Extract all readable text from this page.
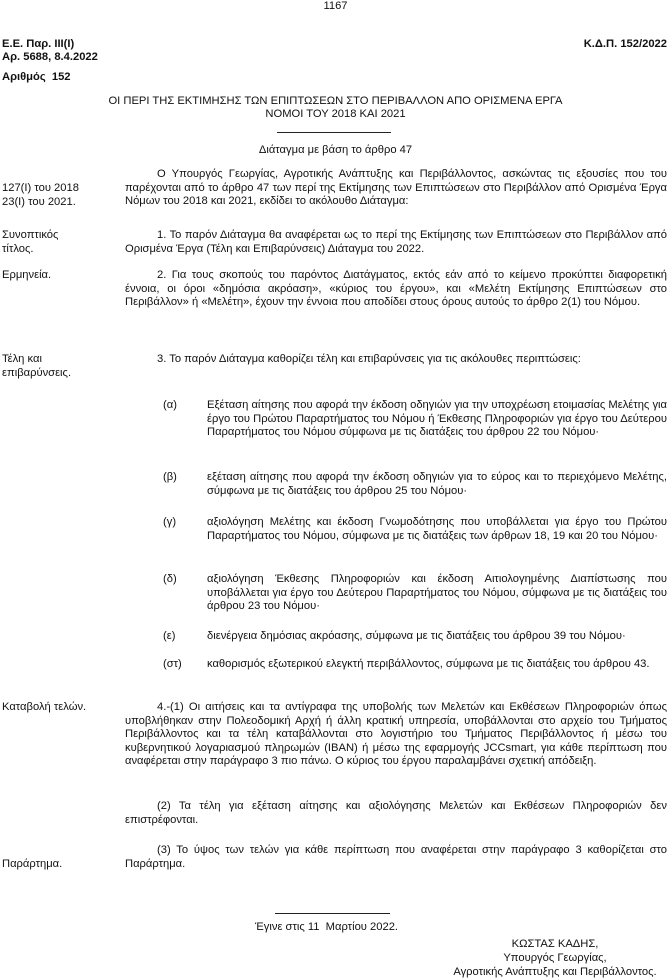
1167
Ε.Ε. Παρ. ΙΙΙ(Ι)
Αρ. 5688, 8.4.2022
Κ.Δ.Π. 152/2022
Αριθμός  152
ΟΙ ΠΕΡΙ ΤΗΣ ΕΚΤΙΜΗΣΗΣ ΤΩΝ ΕΠΙΠΤΩΣΕΩΝ ΣΤΟ ΠΕΡΙΒΑΛΛΟΝ ΑΠΟ ΟΡΙΣΜΕΝΑ ΕΡΓΑ
ΝΟΜΟΙ ΤΟΥ 2018 ΚΑΙ 2021
Διάταγμα με βάση το άρθρο 47
Ο Υπουργός Γεωργίας, Αγροτικής Ανάπτυξης και Περιβάλλοντος, ασκώντας τις εξουσίες που του παρέχονται από το άρθρο 47 των περί της Εκτίμησης των Επιπτώσεων στο Περιβάλλον από Ορισμένα Έργα Νόμων του 2018 και 2021, εκδίδει το ακόλουθο Διάταγμα:
127(Ι) του 2018
23(Ι) του 2021.
Συνοπτικός
τίτλος.
1. Το παρόν Διάταγμα θα αναφέρεται ως το περί της Εκτίμησης των Επιπτώσεων στο Περιβάλλον από Ορισμένα Έργα (Τέλη και Επιβαρύνσεις) Διάταγμα του 2022.
Ερμηνεία.	2. Για τους σκοπούς του παρόντος Διατάγματος, εκτός εάν από το κείμενο προκύπτει διαφορετική έννοια, οι όροι «δημόσια ακρόαση», «κύριος του έργου», και «Μελέτη Εκτίμησης Επιπτώσεων στο Περιβάλλον» ή «Μελέτη», έχουν την έννοια που αποδίδει στους όρους αυτούς το άρθρο 2(1) του Νόμου.
Τέλη και
επιβαρύνσεις.
3. Το παρόν Διάταγμα καθορίζει τέλη και επιβαρύνσεις για τις ακόλουθες περιπτώσεις:
(α)	Εξέταση αίτησης που αφορά την έκδοση οδηγιών για την υποχρέωση ετοιμασίας Μελέτης για έργο του Πρώτου Παραρτήματος του Νόμου ή Έκθεσης Πληροφοριών για έργο του Δεύτερου Παραρτήματος του Νόμου σύμφωνα με τις διατάξεις του άρθρου 22 του Νόμου·
(β)	εξέταση αίτησης που αφορά την έκδοση οδηγιών για το εύρος και το περιεχόμενο Μελέτης, σύμφωνα με τις διατάξεις του άρθρου 25 του Νόμου·
(γ)	αξιολόγηση Μελέτης και έκδοση Γνωμοδότησης που υποβάλλεται για έργο του Πρώτου Παραρτήματος του Νόμου, σύμφωνα με τις διατάξεις των άρθρων 18, 19 και 20 του Νόμου·
(δ)	αξιολόγηση Έκθεσης Πληροφοριών και έκδοση Αιτιολογημένης Διαπίστωσης που υποβάλλεται για έργο του Δεύτερου Παραρτήματος του Νόμου, σύμφωνα με τις διατάξεις του άρθρου 23 του Νόμου·
(ε)	διενέργεια δημόσιας ακρόασης, σύμφωνα με τις διατάξεις του άρθρου 39 του Νόμου·
(στ)	καθορισμός εξωτερικού ελεγκτή περιβάλλοντος, σύμφωνα με τις διατάξεις του άρθρου 43.
Καταβολή τελών.	4.-(1) Οι αιτήσεις και τα αντίγραφα της υποβολής των Μελετών και Εκθέσεων Πληροφοριών όπως υποβλήθηκαν στην Πολεοδομική Αρχή ή άλλη κρατική υπηρεσία, υποβάλλονται στο αρχείο του Τμήματος Περιβάλλοντος και τα τέλη καταβάλλονται στο λογιστήριο του Τμήματος Περιβάλλοντος ή μέσω του κυβερνητικού λογαριασμού πληρωμών (IBAN) ή μέσω της εφαρμογής JCCsmart, για κάθε περίπτωση που αναφέρεται στην παράγραφο 3 πιο πάνω. Ο κύριος του έργου παραλαμβάνει σχετική απόδειξη.
(2) Τα τέλη για εξέταση αίτησης και αξιολόγησης Μελετών και Εκθέσεων Πληροφοριών δεν επιστρέφονται.
Παράρτημα.
(3) Το ύψος των τελών για κάθε περίπτωση που αναφέρεται στην παράγραφο 3 καθορίζεται στο Παράρτημα.
Έγινε στις 11  Μαρτίου 2022.
ΚΩΣΤΑΣ ΚΑΔΗΣ,
Υπουργός Γεωργίας,
Αγροτικής Ανάπτυξης και Περιβάλλοντος.
